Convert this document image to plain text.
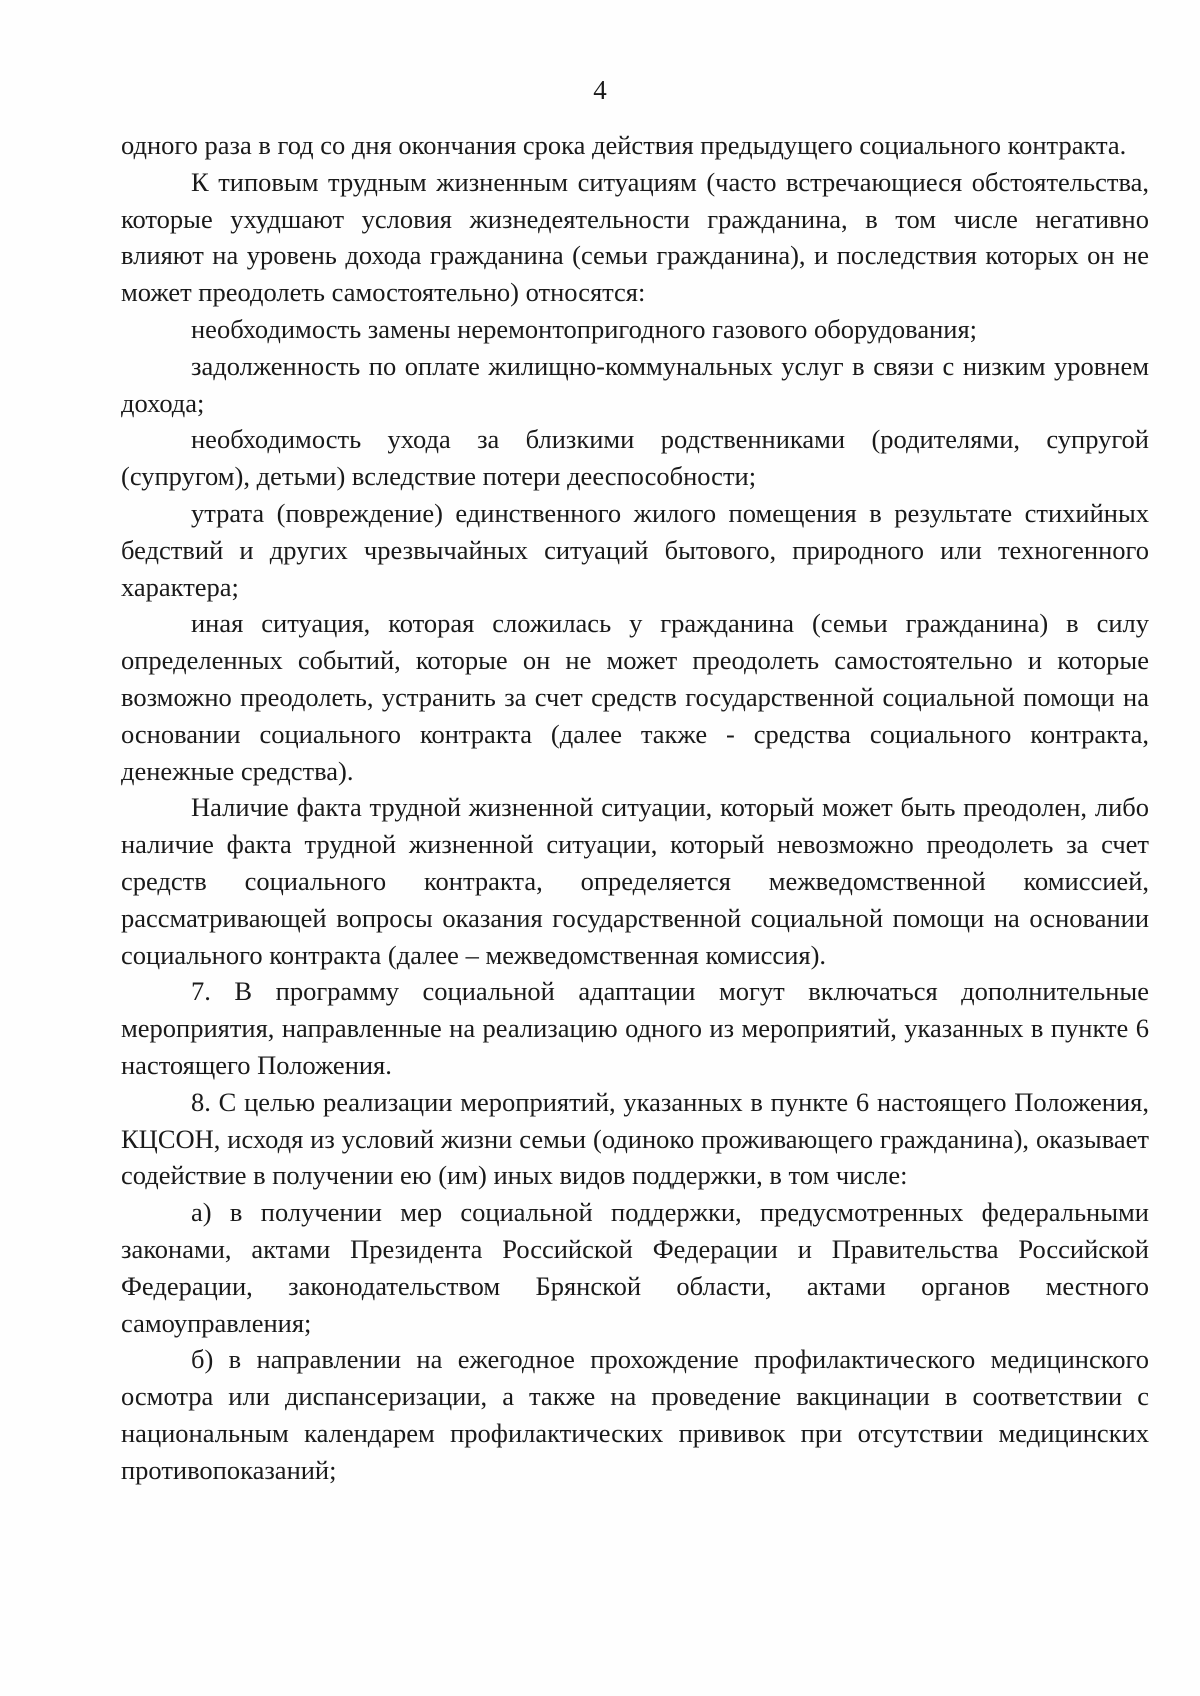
4

одного раза в год со дня окончания срока действия предыдущего социального контракта.

К типовым трудным жизненным ситуациям (часто встречающиеся обстоятельства, которые ухудшают условия жизнедеятельности гражданина, в том числе негативно влияют на уровень дохода гражданина (семьи гражданина), и последствия которых он не может преодолеть самостоятельно) относятся:

необходимость замены неремонтопригодного газового оборудования;

задолженность по оплате жилищно-коммунальных услуг в связи с низким уровнем дохода;

необходимость ухода за близкими родственниками (родителями, супругой (супругом), детьми) вследствие потери дееспособности;

утрата (повреждение) единственного жилого помещения в результате стихийных бедствий и других чрезвычайных ситуаций бытового, природного или техногенного характера;

иная ситуация, которая сложилась у гражданина (семьи гражданина) в силу определенных событий, которые он не может преодолеть самостоятельно и которые возможно преодолеть, устранить за счет средств государственной социальной помощи на основании социального контракта (далее также - средства социального контракта, денежные средства).

Наличие факта трудной жизненной ситуации, который может быть преодолен, либо наличие факта трудной жизненной ситуации, который невозможно преодолеть за счет средств социального контракта, определяется межведомственной комиссией, рассматривающей вопросы оказания государственной социальной помощи на основании социального контракта (далее – межведомственная комиссия).

7. В программу социальной адаптации могут включаться дополнительные мероприятия, направленные на реализацию одного из мероприятий, указанных в пункте 6 настоящего Положения.

8. С целью реализации мероприятий, указанных в пункте 6 настоящего Положения, КЦСОН, исходя из условий жизни семьи (одиноко проживающего гражданина), оказывает содействие в получении ею (им) иных видов поддержки, в том числе:

а) в получении мер социальной поддержки, предусмотренных федеральными законами, актами Президента Российской Федерации и Правительства Российской Федерации, законодательством Брянской области, актами органов местного самоуправления;

б) в направлении на ежегодное прохождение профилактического медицинского осмотра или диспансеризации, а также на проведение вакцинации в соответствии с национальным календарем профилактических прививок при отсутствии медицинских противопоказаний;
